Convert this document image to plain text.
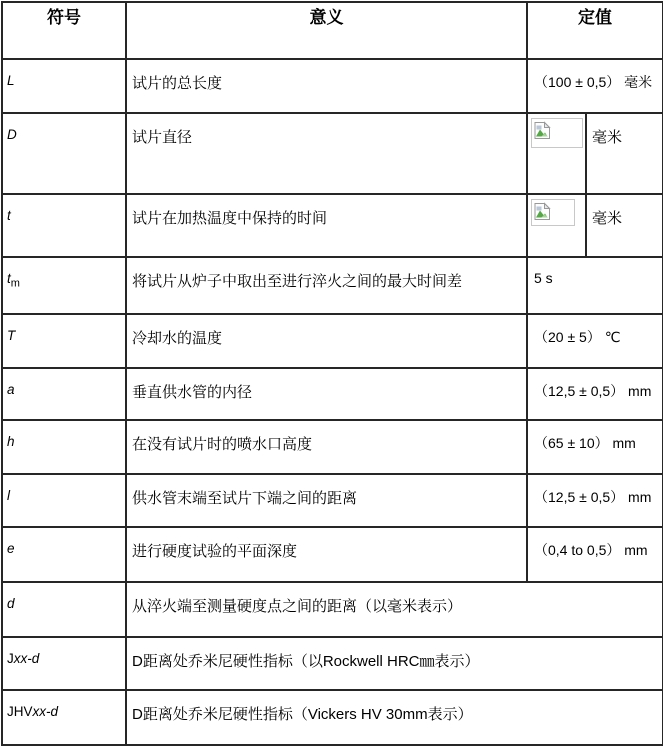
符号	意义	定值	
L	试片的总长度	（100 ± 0,5） 毫米	
D	试片直径		毫米
t	试片在加热温度中保持的时间		毫米
$t_m$	将试片从炉子中取出至进行淬火之间的最大时间差	5 s	
T	冷却水的温度	（20 ± 5） ℃	
a	垂直供水管的内径	（12,5 ± 0,5） mm	
h	在没有试片时的喷水口高度	（65 ± 10） mm	
l	供水管末端至试片下端之间的距离	（12,5 ± 0,5） mm	
e	进行硬度试验的平面深度	（0,4 to 0,5） mm	
d	从淬火端至测量硬度点之间的距离（以毫米表示）		
Jxx-d	D距离处乔米尼硬性指标（以Rockwell HRC㎜表示）		
JHVxx-d	D距离处乔米尼硬性指标（Vickers HV 30mm表示）		
